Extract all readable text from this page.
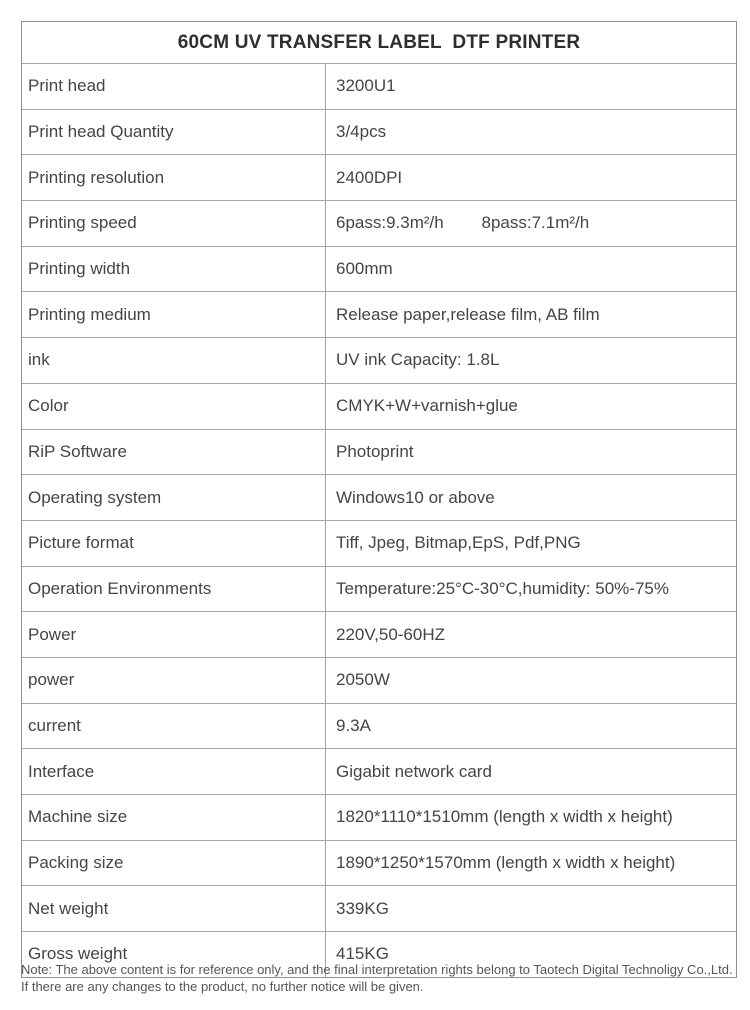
60CM UV TRANSFER LABEL  DTF PRINTER
Print head	3200U1
Print head Quantity	3/4pcs
Printing resolution	2400DPI
Printing speed	6pass:9.3m²/h        8pass:7.1m²/h
Printing width	600mm
Printing medium	Release paper,release film, AB film
ink	UV ink Capacity: 1.8L
Color	CMYK+W+varnish+glue
RiP Software	Photoprint
Operating system	Windows10 or above
Picture format	Tiff, Jpeg, Bitmap,EpS, Pdf,PNG
Operation Environments	Temperature:25°C-30°C,humidity: 50%-75%
Power	220V,50-60HZ
power	2050W
current	9.3A
Interface	Gigabit network card
Machine size	1820*1110*1510mm (length x width x height)
Packing size	1890*1250*1570mm (length x width x height)
Net weight	339KG
Gross weight	415KG

Note: The above content is for reference only, and the final interpretation rights belong to Taotech Digital Technoligy Co.,Ltd. If there are any changes to the product, no further notice will be given.
